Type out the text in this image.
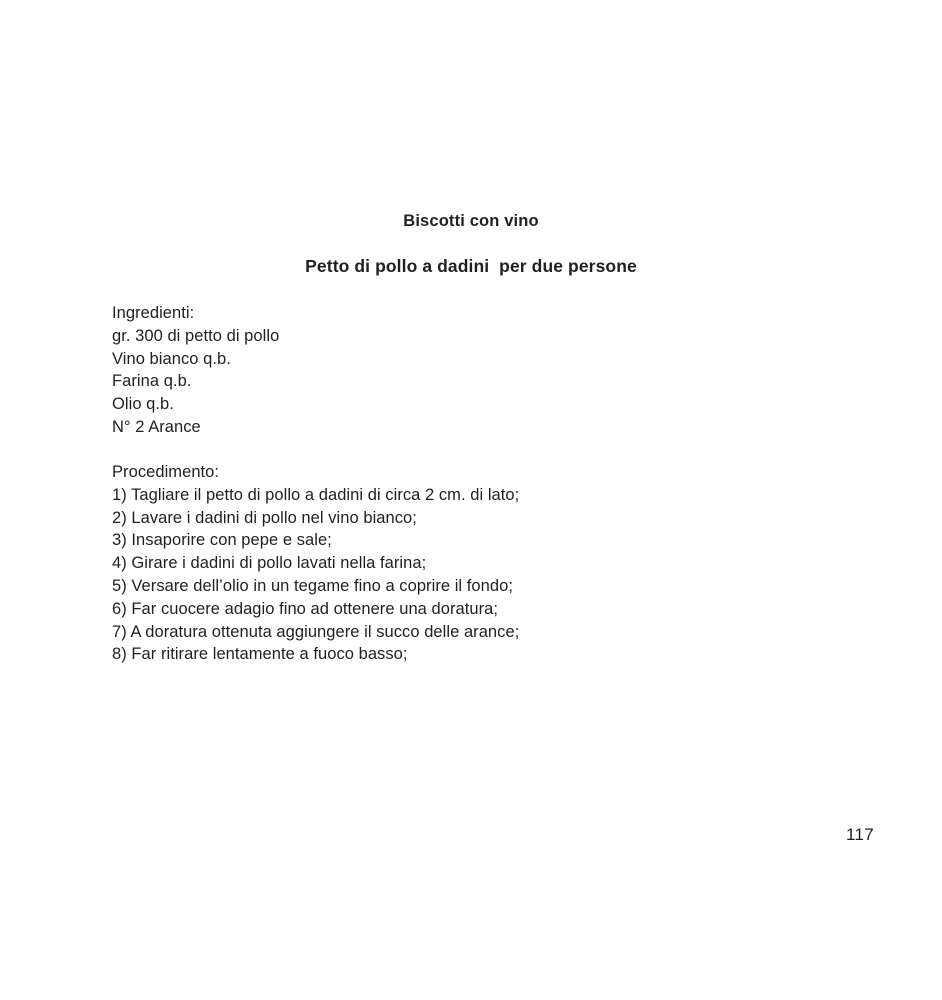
Biscotti con vino
Petto di pollo a dadini  per due persone
Ingredienti:
gr. 300 di petto di pollo
Vino bianco q.b.
Farina q.b.
Olio q.b.
N° 2 Arance
Procedimento:
1) Tagliare il petto di pollo a dadini di circa 2 cm. di lato;
2) Lavare i dadini di pollo nel vino bianco;
3) Insaporire con pepe e sale;
4) Girare i dadini di pollo lavati nella farina;
5) Versare dell’olio in un tegame fino a coprire il fondo;
6) Far cuocere adagio fino ad ottenere una doratura;
7) A doratura ottenuta aggiungere il succo delle arance;
8) Far ritirare lentamente a fuoco basso;
117
